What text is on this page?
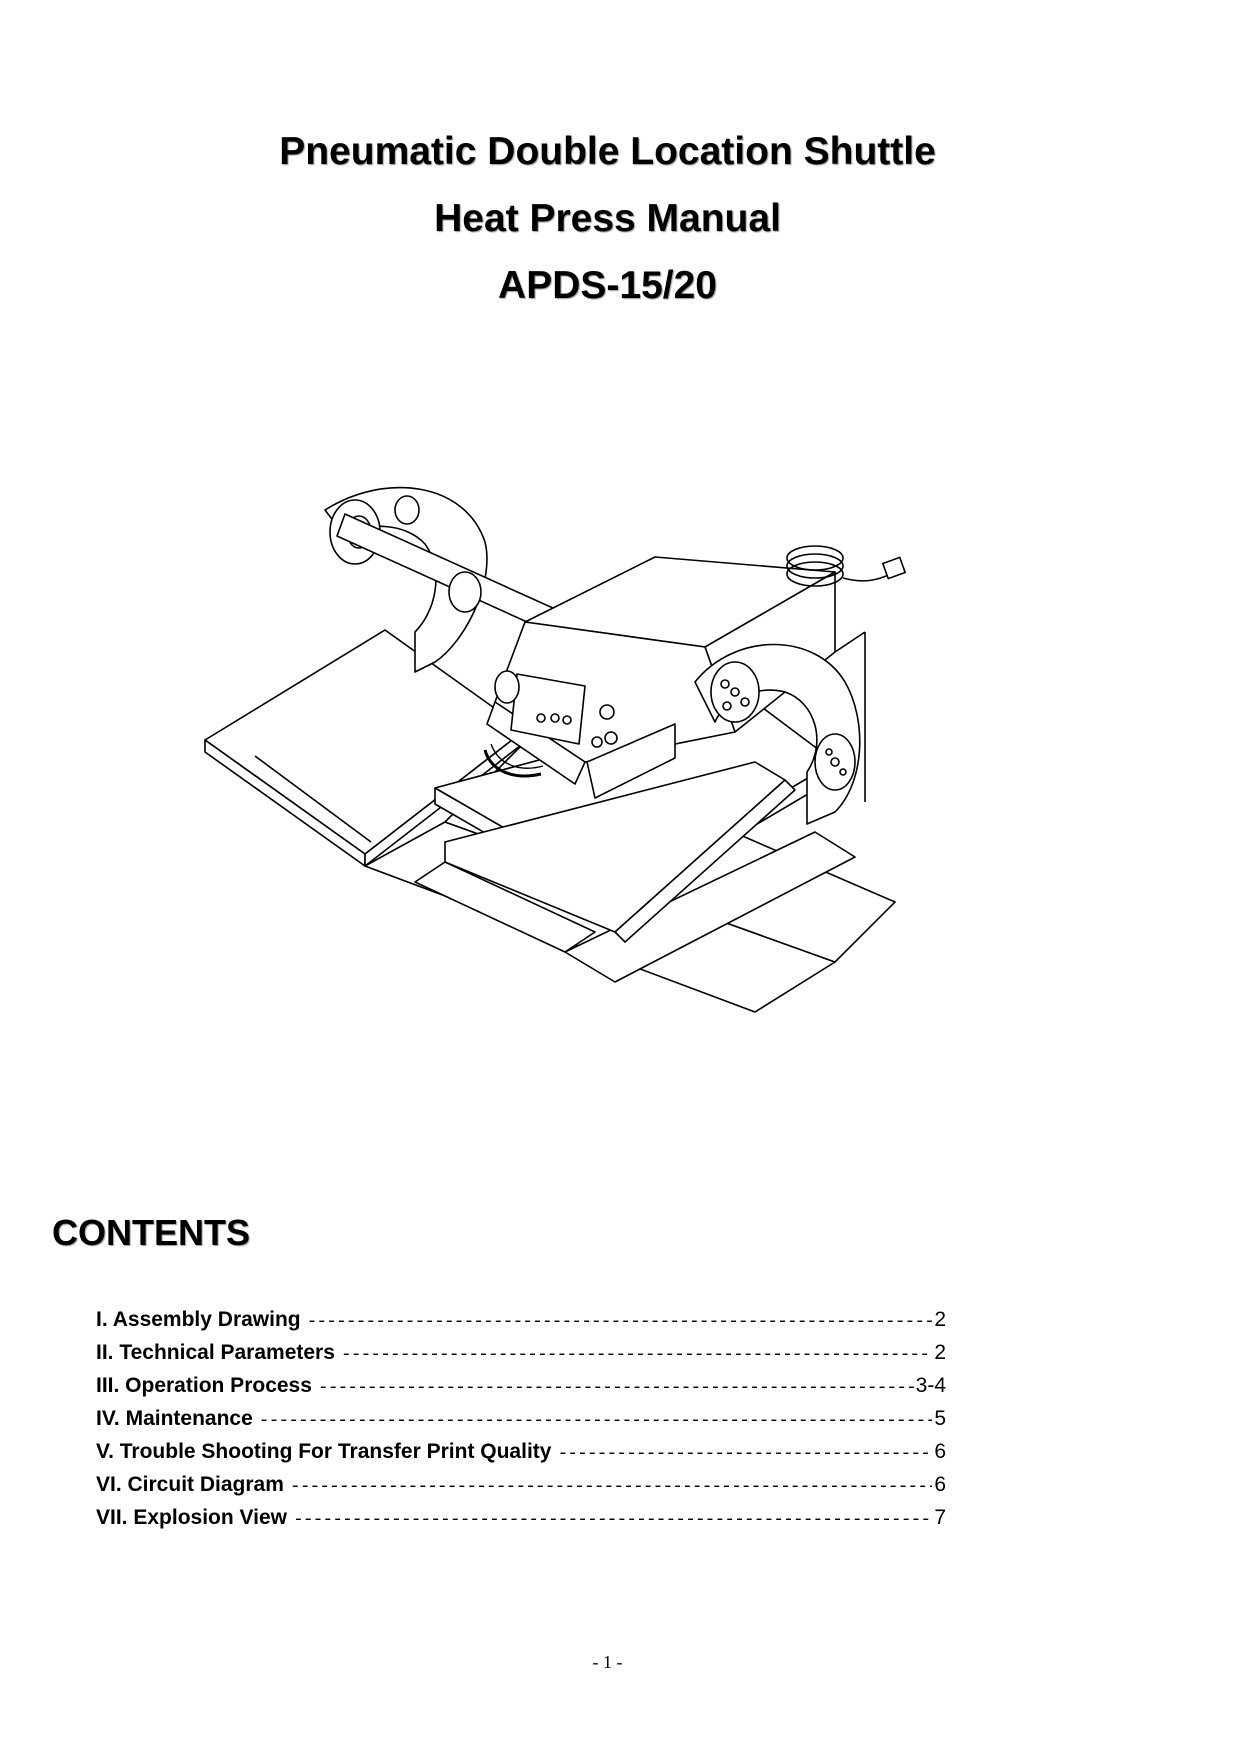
Pneumatic Double Location Shuttle
Heat Press Manual
APDS-15/20
CONTENTS
I. Assembly Drawing -----	2
II. Technical Parameters -----	2
III. Operation Process -----	3-4
IV. Maintenance -----	5
V. Trouble Shooting For Transfer Print Quality -----	6
VI. Circuit Diagram -----	6
VII. Explosion View -----	7
- 1 -
